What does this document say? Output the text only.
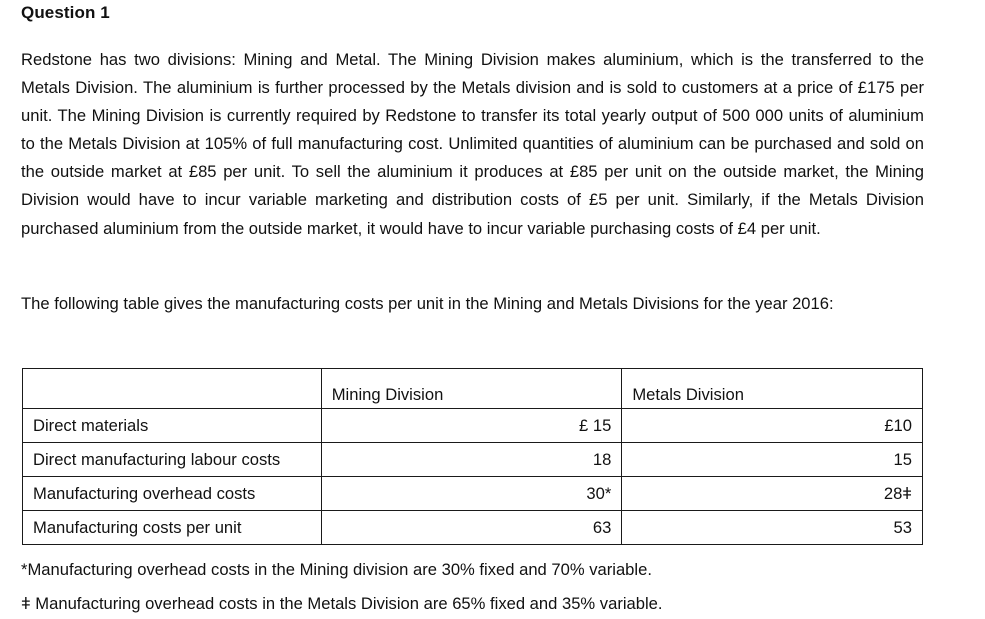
Question 1

Redstone has two divisions: Mining and Metal. The Mining Division makes aluminium, which is the transferred to the Metals Division. The aluminium is further processed by the Metals division and is sold to customers at a price of £175 per unit. The Mining Division is currently required by Redstone to transfer its total yearly output of 500 000 units of aluminium to the Metals Division at 105% of full manufacturing cost. Unlimited quantities of aluminium can be purchased and sold on the outside market at £85 per unit. To sell the aluminium it produces at £85 per unit on the outside market, the Mining Division would have to incur variable marketing and distribution costs of £5 per unit. Similarly, if the Metals Division purchased aluminium from the outside market, it would have to incur variable purchasing costs of £4 per unit.

The following table gives the manufacturing costs per unit in the Mining and Metals Divisions for the year 2016:

	Mining Division	Metals Division
Direct materials	£ 15	£10
Direct manufacturing labour costs	18	15
Manufacturing overhead costs	30*	28ǂ
Manufacturing costs per unit	63	53
*Manufacturing overhead costs in the Mining division are 30% fixed and 70% variable.
ǂ Manufacturing overhead costs in the Metals Division are 65% fixed and 35% variable.
